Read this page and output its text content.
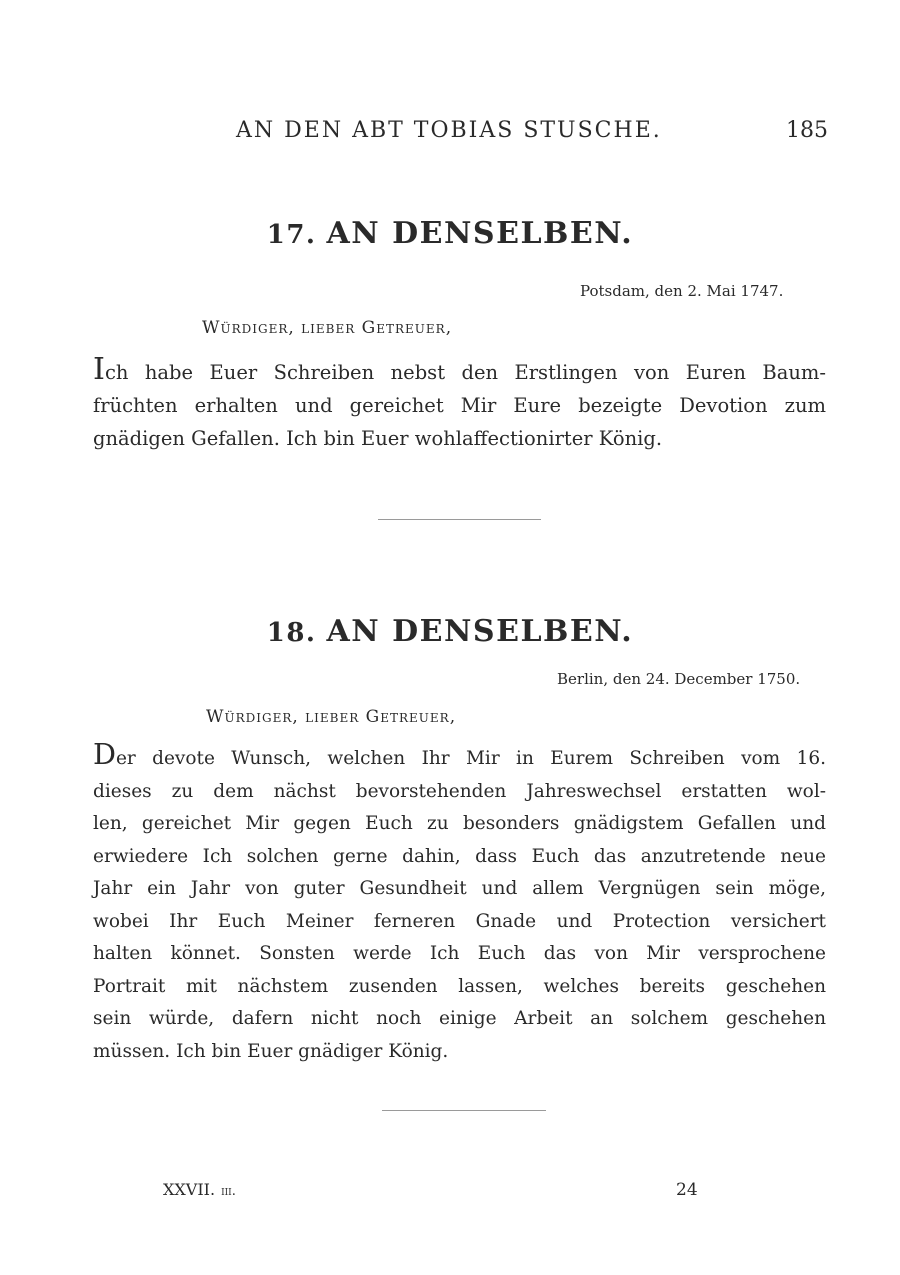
AN DEN ABT TOBIAS STUSCHE.	185
17. AN DENSELBEN.
Potsdam, den 2. Mai 1747.
Würdiger, lieber Getreuer,

Ich habe Euer Schreiben nebst den Erstlingen von Euren Baum-
früchten erhalten und gereichet Mir Eure bezeigte Devotion zum
gnädigen Gefallen. Ich bin Euer wohlaffectionirter König.

18. AN DENSELBEN.
Berlin, den 24. December 1750.
Würdiger, lieber Getreuer,

Der devote Wunsch, welchen Ihr Mir in Eurem Schreiben vom 16.
dieses zu dem nächst bevorstehenden Jahreswechsel erstatten wol-
len, gereichet Mir gegen Euch zu besonders gnädigstem Gefallen und
erwiedere Ich solchen gerne dahin, dass Euch das anzutretende neue
Jahr ein Jahr von guter Gesundheit und allem Vergnügen sein möge,
wobei Ihr Euch Meiner ferneren Gnade und Protection versichert
halten könnet. Sonsten werde Ich Euch das von Mir versprochene
Portrait mit nächstem zusenden lassen, welches bereits geschehen
sein würde, dafern nicht noch einige Arbeit an solchem geschehen
müssen. Ich bin Euer gnädiger König.

XXVII. iii.	24
